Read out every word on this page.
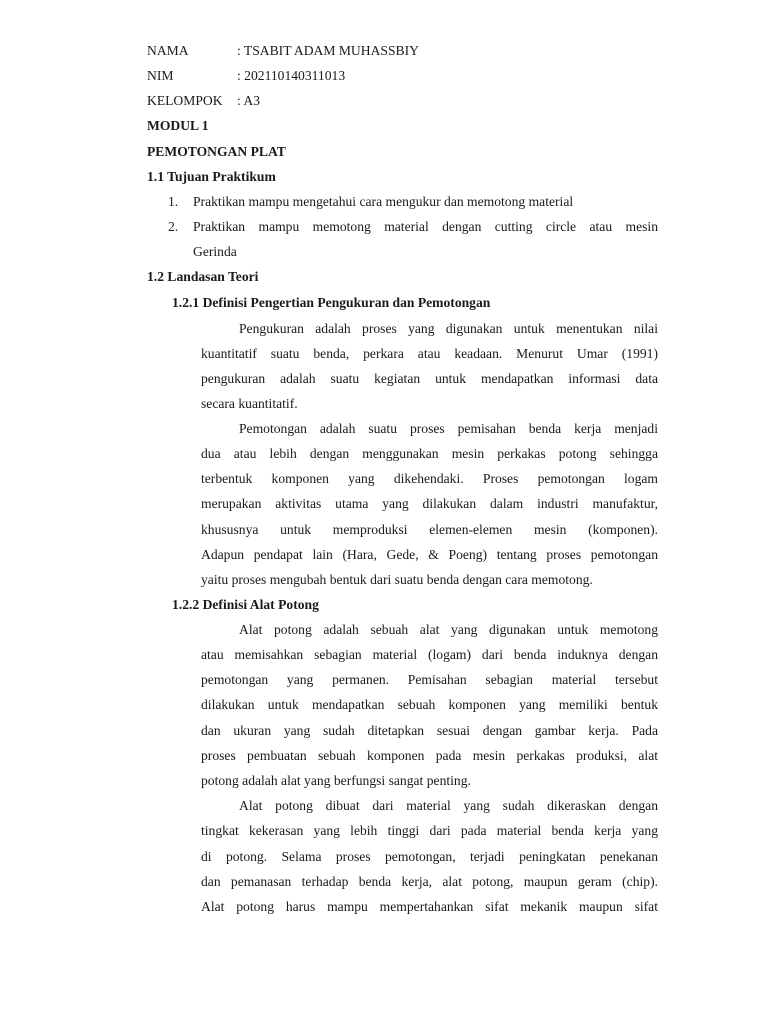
NAMA	: TSABIT ADAM MUHASSBIY
NIM	: 202110140311013
KELOMPOK : A3
MODUL 1
PEMOTONGAN PLAT
1.1 Tujuan Praktikum
1. Praktikan mampu mengetahui cara mengukur dan memotong material
2. Praktikan mampu memotong material dengan cutting circle atau mesin
Gerinda
1.2 Landasan Teori
1.2.1 Definisi Pengertian Pengukuran dan Pemotongan
Pengukuran adalah proses yang digunakan untuk menentukan nilai
kuantitatif suatu benda, perkara atau keadaan. Menurut Umar (1991)
pengukuran adalah suatu kegiatan untuk mendapatkan informasi data
secara kuantitatif.
Pemotongan adalah suatu proses pemisahan benda kerja menjadi
dua atau lebih dengan menggunakan mesin perkakas potong sehingga
terbentuk komponen yang dikehendaki. Proses pemotongan logam
merupakan aktivitas utama yang dilakukan dalam industri manufaktur,
khususnya untuk memproduksi elemen-elemen mesin (komponen).
Adapun pendapat lain (Hara, Gede, & Poeng) tentang proses pemotongan
yaitu proses mengubah bentuk dari suatu benda dengan cara memotong.
1.2.2 Definisi Alat Potong
Alat potong adalah sebuah alat yang digunakan untuk memotong
atau memisahkan sebagian material (logam) dari benda induknya dengan
pemotongan yang permanen. Pemisahan sebagian material tersebut
dilakukan untuk mendapatkan sebuah komponen yang memiliki bentuk
dan ukuran yang sudah ditetapkan sesuai dengan gambar kerja. Pada
proses pembuatan sebuah komponen pada mesin perkakas produksi, alat
potong adalah alat yang berfungsi sangat penting.
Alat potong dibuat dari material yang sudah dikeraskan dengan
tingkat kekerasan yang lebih tinggi dari pada material benda kerja yang
di potong. Selama proses pemotongan, terjadi peningkatan penekanan
dan pemanasan terhadap benda kerja, alat potong, maupun geram (chip).
Alat potong harus mampu mempertahankan sifat mekanik maupun sifat
